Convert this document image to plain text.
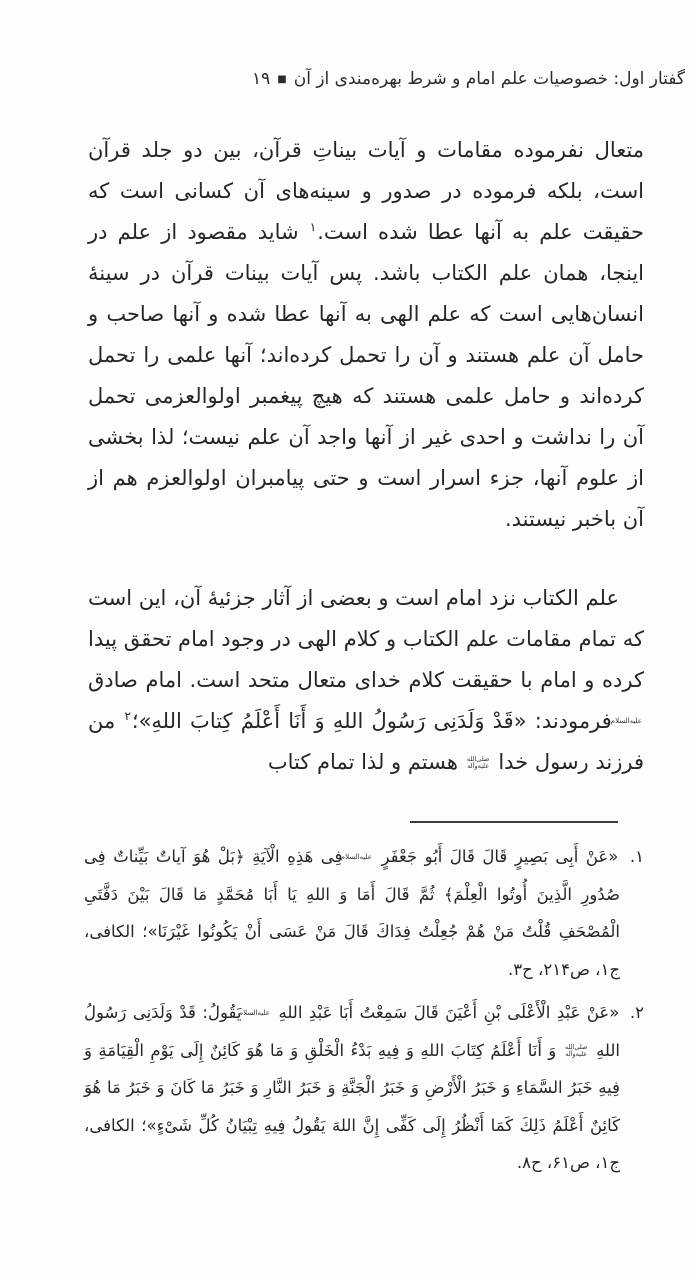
گفتار اول: خصوصیات علم امام و شرط بهره‌مندی از آن■۱۹

متعال نفرموده مقامات و آیات بیناتِ قرآن، بین دو جلد قرآن است، بلکه فرموده در صدور و سینه‌های آن کسانی است که حقیقت علم به آنها عطا شده است.$^۱$ شاید مقصود از علم در اینجا، همان علم الکتاب باشد. پس آیات بینات قرآن در سینهٔ انسان‌هایی است که علم الهی به آنها عطا شده و آنها صاحب و حامل آن علم هستند و آن را تحمل کرده‌اند؛ آنها علمی را تحمل کرده‌اند و حامل علمی هستند که هیچ پیغمبر اولوالعزمی تحمل آن را نداشت و احدی غیر از آنها واجد آن علم نیست؛ لذا بخشی از علوم آنها، جزء اسرار است و حتی پیامبران اولوالعزم هم از آن باخبر نیستند.

علم الکتاب نزد امام است و بعضی از آثار جزئیهٔ آن، این است که تمام مقامات علم الکتاب و کلام الهی در وجود امام تحقق پیدا کرده و امام با حقیقت کلام خدای متعال متحد است. امام صادق علیه‌السلام فرمودند: «قَدْ وَلَدَنِی رَسُولُ اللهِ وَ أَنَا أَعْلَمُ کِتابَ اللهِ»؛$^۲$ من فرزند رسول خدا صلی‌الله علیه‌وآله هستم و لذا تمام کتاب

۱. «عَنْ أَبِی بَصِیرٍ قَالَ قَالَ أَبُو جَعْفَرٍ علیه‌السلام فِی هَذِهِ الْآیَةِ ﴿بَلْ هُوَ آیاتٌ بَیِّناتٌ فِی صُدُورِ الَّذِینَ أُوتُوا الْعِلْمَ﴾ ثُمَّ قَالَ أَمَا وَ اللهِ یَا أَبَا مُحَمَّدٍ مَا قَالَ بَیْنَ دَفَّتَیِ الْمُصْحَفِ قُلْتُ مَنْ هُمْ جُعِلْتُ فِدَاكَ قَالَ مَنْ عَسَی أَنْ یَکُونُوا غَیْرَنَا»؛ الکافی، ج۱، ص۲۱۴، ح۳.

۲. «عَنْ عَبْدِ الْأَعْلَی بْنِ أَعْیَنَ قَالَ سَمِعْتُ أَبَا عَبْدِ اللهِ علیه‌السلام یَقُولُ: قَدْ وَلَدَنِی رَسُولُ اللهِ صلی‌الله علیه‌وآله وَ أَنَا أَعْلَمُ کِتَابَ اللهِ وَ فِیهِ بَدْءُ الْخَلْقِ وَ مَا هُوَ کَائِنٌ إِلَی یَوْمِ الْقِیَامَةِ وَ فِیهِ خَبَرُ السَّمَاءِ وَ خَبَرُ الْأَرْضِ وَ خَبَرُ الْجَنَّةِ وَ خَبَرُ النَّارِ وَ خَبَرُ مَا کَانَ وَ خَبَرُ مَا هُوَ کَائِنٌ أَعْلَمُ ذَلِكَ کَمَا أَنْظُرُ إِلَی کَفِّی إِنَّ اللهَ یَقُولُ فِیهِ تِبْیَانُ کُلِّ شَیْءٍ»؛ الکافی، ج۱، ص۶۱، ح۸.
